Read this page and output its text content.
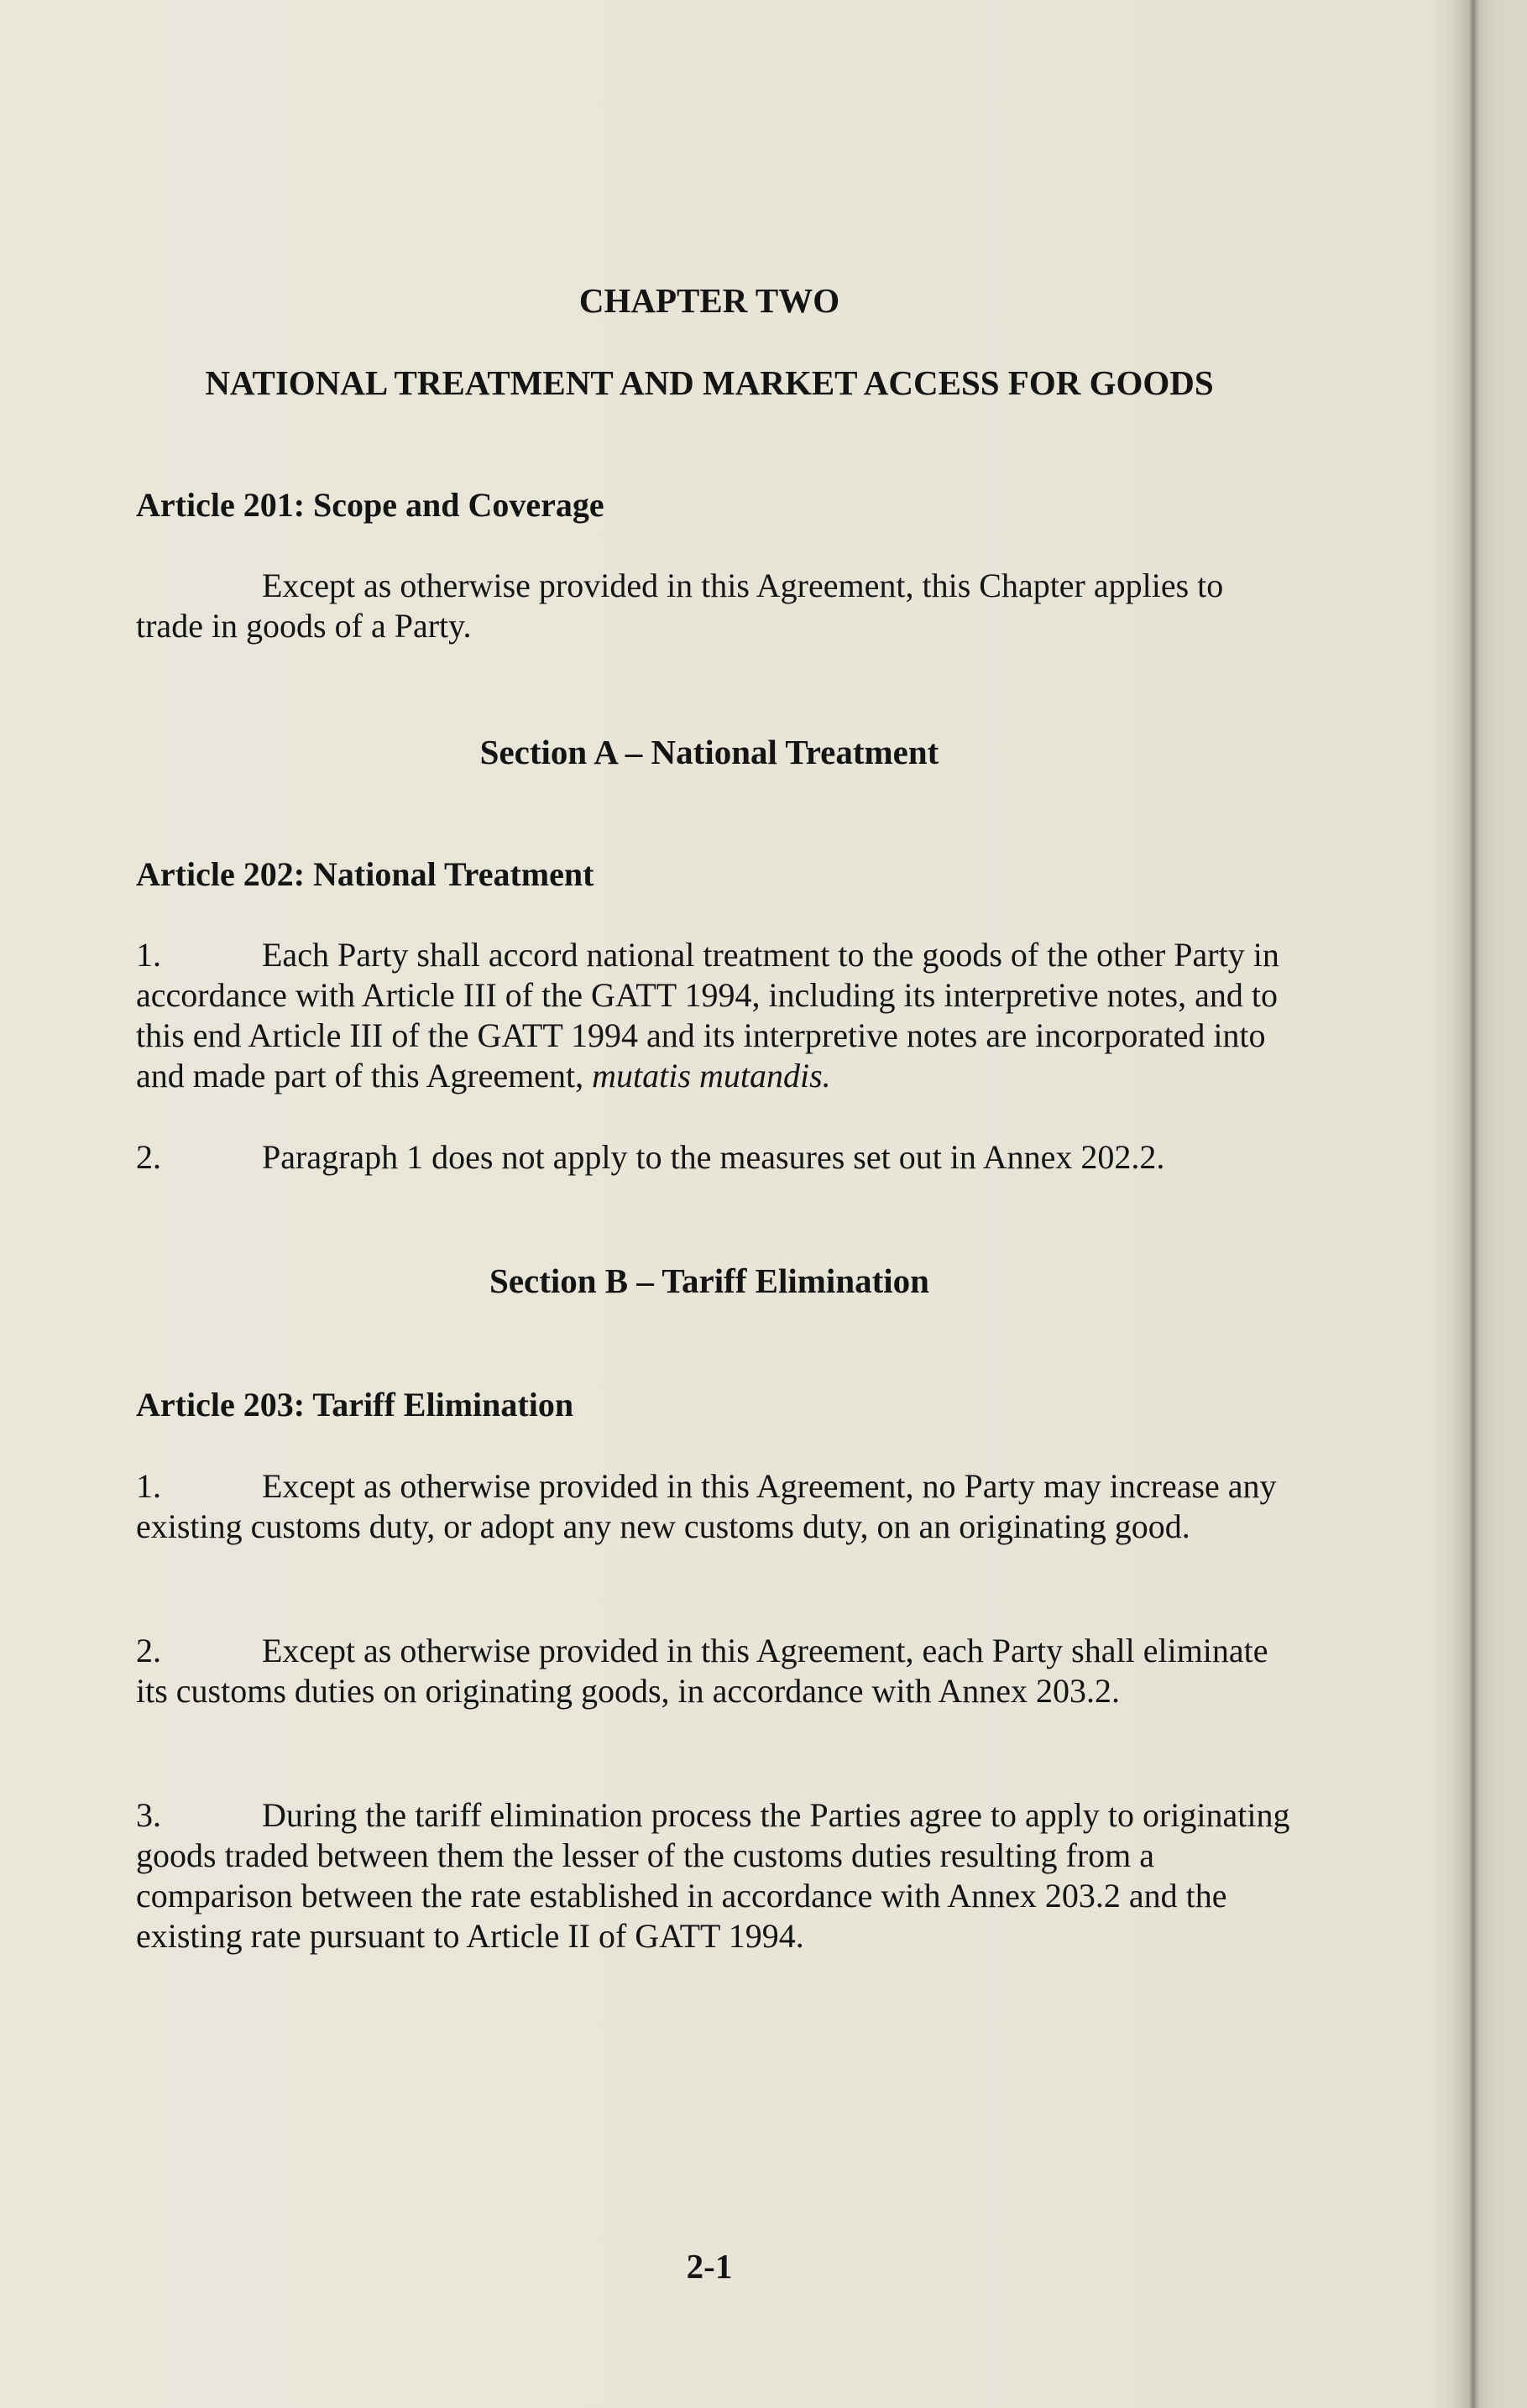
CHAPTER TWO
NATIONAL TREATMENT AND MARKET ACCESS FOR GOODS
Article 201: Scope and Coverage
Except as otherwise provided in this Agreement, this Chapter applies to trade in goods of a Party.
Section A – National Treatment
Article 202: National Treatment
1.	Each Party shall accord national treatment to the goods of the other Party in accordance with Article III of the GATT 1994, including its interpretive notes, and to this end Article III of the GATT 1994 and its interpretive notes are incorporated into and made part of this Agreement, mutatis mutandis.
2.	Paragraph 1 does not apply to the measures set out in Annex 202.2.
Section B – Tariff Elimination
Article 203: Tariff Elimination
1.	Except as otherwise provided in this Agreement, no Party may increase any existing customs duty, or adopt any new customs duty, on an originating good.
2.	Except as otherwise provided in this Agreement, each Party shall eliminate its customs duties on originating goods, in accordance with Annex 203.2.
3.	During the tariff elimination process the Parties agree to apply to originating goods traded between them the lesser of the customs duties resulting from a comparison between the rate established in accordance with Annex 203.2 and the existing rate pursuant to Article II of GATT 1994.
2-1
